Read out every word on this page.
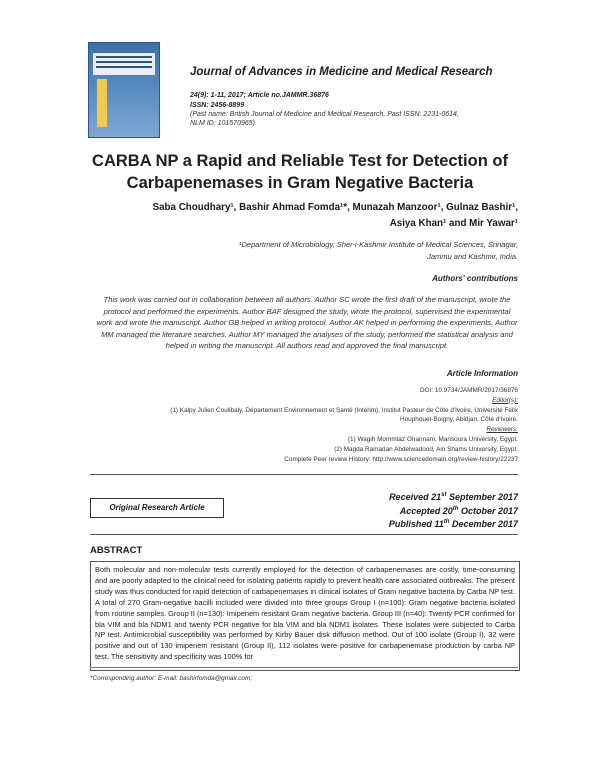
Journal of Advances in Medicine and Medical Research
24(9): 1-11, 2017; Article no.JAMMR.36876
ISSN: 2456-8899
(Past name: British Journal of Medicine and Medical Research, Past ISSN: 2231-0614,
NLM ID: 101570965)
CARBA NP a Rapid and Reliable Test for Detection of Carbapenemases in Gram Negative Bacteria
Saba Choudhary¹, Bashir Ahmad Fomda¹*, Munazah Manzoor¹, Gulnaz Bashir¹,
Asiya Khan¹ and Mir Yawar¹
¹Department of Microbiology, Sher-i-Kashmir Institute of Medical Sciences, Srinagar,
Jammu and Kashmir, India.
Authors' contributions
This work was carried out in collaboration between all authors. Author SC wrote the first draft of the manuscript, wrote the protocol and performed the experiments. Author BAF designed the study, wrote the protocol, supervised the experimental work and wrote the manuscript. Author GB helped in writing protocol. Author AK helped in performing the experiments. Author MM managed the literature searches. Author MY managed the analyses of the study, performed the statistical analysis and helped in writing the manuscript. All authors read and approved the final manuscript.
Article Information
DOI: 10.9734/JAMMR/2017/36876
Editor(s):
(1) Kalpy Julien Coulibaly, Département Environnement et Santé (Intérim), Institut Pasteur de Côte d'Ivoire, Université Félix
Houphouet-Boigny, Abidjan, Côte d'Ivoire.
Reviewers:
(1) Wagih Mommtaz Ghannam, Mansoura University, Egypt.
(2) Magda Ramadan Abdelwadood, Ain Shams University, Egypt.
Complete Peer review History: http://www.sciencedomain.org/review-history/22237
Original Research Article
Received 21st September 2017
Accepted 20th October 2017
Published 11th December 2017
ABSTRACT
Both molecular and non-molecular tests currently employed for the detection of carbapenemases are costly, time-consuming and are poorly adapted to the clinical need for isolating patients rapidly to prevent health care associated outbreaks. The present study was thus conducted for rapid detection of carbapenemases in clinical isolates of Gram negative bacteria by Carba NP test. A total of 270 Gram-negative bacilli included were divided into three groups Group I (n=100): Gram negative bacteria isolated from routine samples. Group II (n=130): Imipenem resistant Gram negative bacteria. Group III (n=40): Twenty PCR confirmed for bla VIM and bla NDM1 and twenty PCR negative for bla VIM and bla NDM1 isolates. These isolates were subjected to Carba NP test. Antimicrobial susceptibility was performed by Kirby Bauer disk diffusion method. Out of 100 isolate (Group I), 32 were positive and out of 130 imipenem resistant (Group II), 112 isolates were positive for carbapenemase production by carba NP test. The sensitivity and specificity was 100% for
*Corresponding author: E-mail: bashirfomda@gmail.com;
